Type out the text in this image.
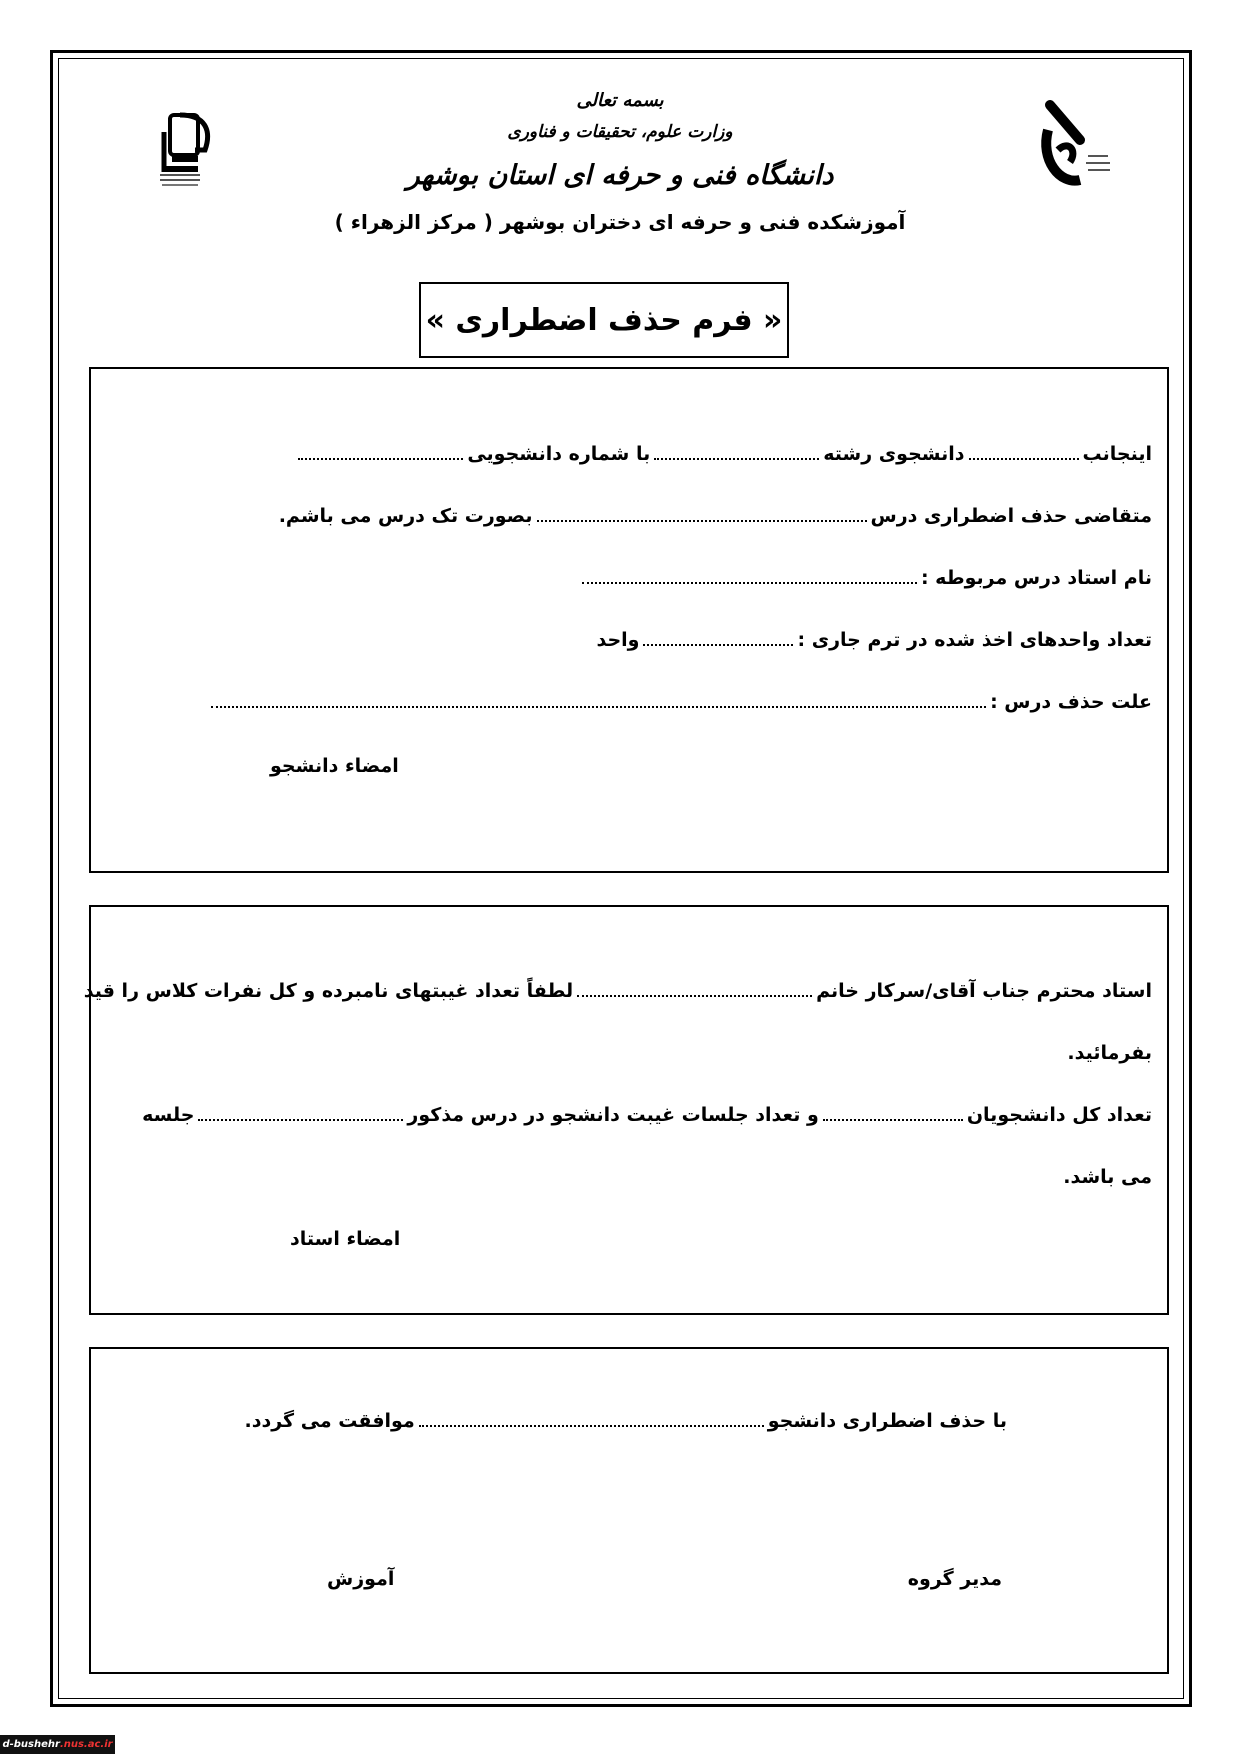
بسمه تعالی
وزارت علوم، تحقیقات و فناوری
دانشگاه فنی و حرفه ای استان بوشهر
آموزشکده فنی و حرفه ای دختران بوشهر ( مرکز الزهراء )
« فرم حذف اضطراری »
اینجانبدانشجوی رشتهبا شماره دانشجویی
متقاضی حذف اضطراری درسبصورت تک درس می باشم.
نام استاد درس مربوطه :
تعداد واحدهای اخذ شده در ترم جاری :واحد
علت حذف درس :
امضاء دانشجو
استاد محترم جناب آقای/سرکار خانملطفاً تعداد غیبتهای نامبرده و کل نفرات کلاس را قید
بفرمائید.
تعداد کل دانشجویانو تعداد جلسات غیبت دانشجو در درس مذکورجلسه
می باشد.
امضاء استاد
با حذف اضطراری دانشجوموافقت می گردد.
مدیر گروه
آموزش
d-bushehr .nus.ac.ir
